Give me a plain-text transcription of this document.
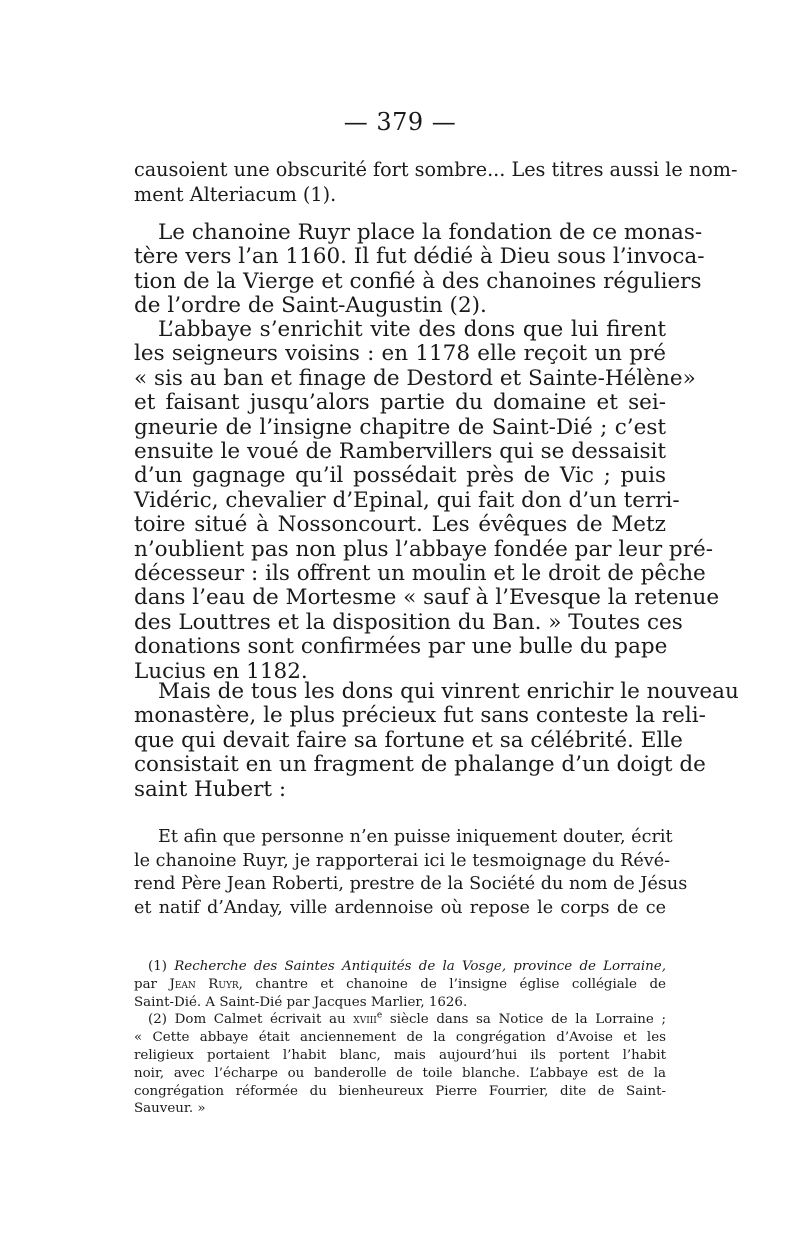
— 379 —
causoient une obscurité fort sombre... Les titres aussi le nom-
ment Alteriacum (1).
Le chanoine Ruyr place la fondation de ce monas-
tère vers l’an 1160. Il fut dédié à Dieu sous l’invoca-
tion de la Vierge et confié à des chanoines réguliers
de l’ordre de Saint-Augustin (2).
L’abbaye s’enrichit vite des dons que lui firent
les seigneurs voisins : en 1178 elle reçoit un pré
« sis au ban et finage de Destord et Sainte-Hélène»
et faisant jusqu’alors partie du domaine et sei-
gneurie de l’insigne chapitre de Saint-Dié ; c’est
ensuite le voué de Rambervillers qui se dessaisit
d’un gagnage qu’il possédait près de Vic ; puis
Vidéric, chevalier d’Epinal, qui fait don d’un terri-
toire situé à Nossoncourt. Les évêques de Metz
n’oublient pas non plus l’abbaye fondée par leur pré-
décesseur : ils offrent un moulin et le droit de pêche
dans l’eau de Mortesme « sauf à l’Evesque la retenue
des Louttres et la disposition du Ban. » Toutes ces
donations sont confirmées par une bulle du pape
Lucius en 1182.
Mais de tous les dons qui vinrent enrichir le nouveau
monastère, le plus précieux fut sans conteste la reli-
que qui devait faire sa fortune et sa célébrité. Elle
consistait en un fragment de phalange d’un doigt de
saint Hubert :
Et afin que personne n’en puisse iniquement douter, écrit
le chanoine Ruyr, je rapporterai ici le tesmoignage du Révé-
rend Père Jean Roberti, prestre de la Société du nom de Jésus
et natif d’Anday, ville ardennoise où repose le corps de ce
(1) Recherche des Saintes Antiquités de la Vosge, province de Lorraine,
par Jean Ruyr, chantre et chanoine de l’insigne église collégiale de
Saint-Dié. A Saint-Dié par Jacques Marlier, 1626.
(2) Dom Calmet écrivait au xviii$^e$ siècle dans sa Notice de la Lorraine ;
« Cette abbaye était anciennement de la congrégation d’Avoise et les
religieux portaient l’habit blanc, mais aujourd’hui ils portent l’habit
noir, avec l’écharpe ou banderolle de toile blanche. L’abbaye est de la
congrégation réformée du bienheureux Pierre Fourrier, dite de Saint-
Sauveur. »
